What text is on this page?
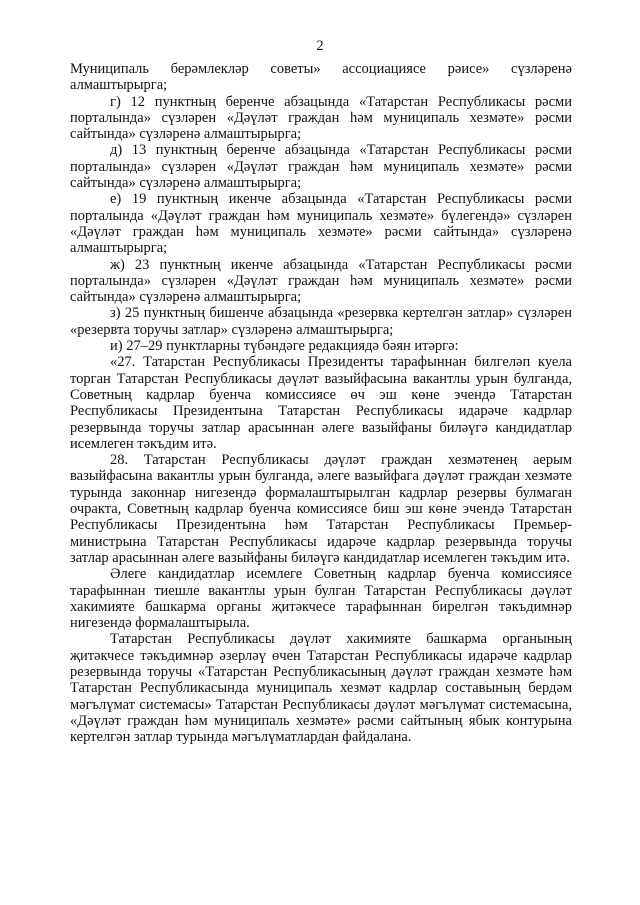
2

Муниципаль берәмлекләр советы» ассоциациясе рәисе» сүзләренә алмаштырырга;

г) 12 пунктның беренче абзацында «Татарстан Республикасы рәсми порталында» сүзләрен «Дәүләт граждан һәм муниципаль хезмәте» рәсми сайтында» сүзләренә алмаштырырга;

д) 13 пунктның беренче абзацында «Татарстан Республикасы рәсми порталында» сүзләрен «Дәүләт граждан һәм муниципаль хезмәте» рәсми сайтында» сүзләренә алмаштырырга;

е) 19 пунктның икенче абзацында «Татарстан Республикасы рәсми порталында «Дәүләт граждан һәм муниципаль хезмәте» бүлегендә» сүзләрен «Дәүләт граждан һәм муниципаль хезмәте» рәсми сайтында» сүзләренә алмаштырырга;

ж) 23 пунктның икенче абзацында «Татарстан Республикасы рәсми порталында» сүзләрен «Дәүләт граждан һәм муниципаль хезмәте» рәсми сайтында» сүзләренә алмаштырырга;

з) 25 пунктның бишенче абзацында «резервка кертелгән затлар» сүзләрен «резервта торучы затлар» сүзләренә алмаштырырга;

и) 27–29 пунктларны түбәндәге редакциядә бәян итәргә:

«27. Татарстан Республикасы Президенты тарафыннан билгеләп куела торган Татарстан Республикасы дәүләт вазыйфасына вакантлы урын булганда, Советның кадрлар буенча комиссиясе өч эш көне эчендә Татарстан Республикасы Президентына Татарстан Республикасы идарәче кадрлар резервында торучы затлар арасыннан әлеге вазыйфаны биләүгә кандидатлар исемлеген тәкъдим итә.

28. Татарстан Республикасы дәүләт граждан хезмәтенең аерым вазыйфасына вакантлы урын булганда, әлеге вазыйфага дәүләт граждан хезмәте турында законнар нигезендә формалаштырылган кадрлар резервы булмаган очракта, Советның кадрлар буенча комиссиясе биш эш көне эчендә Татарстан Республикасы Президентына һәм Татарстан Республикасы Премьер-министрына Татарстан Республикасы идарәче кадрлар резервында торучы затлар арасыннан әлеге вазыйфаны биләүгә кандидатлар исемлеген тәкъдим итә.

Әлеге кандидатлар исемлеге Советның кадрлар буенча комиссиясе тарафыннан тиешле вакантлы урын булган Татарстан Республикасы дәүләт хакимияте башкарма органы җитәкчесе тарафыннан бирелгән тәкъдимнәр нигезендә формалаштырыла.

Татарстан Республикасы дәүләт хакимияте башкарма органының җитәкчесе тәкъдимнәр әзерләү өчен Татарстан Республикасы идарәче кадрлар резервында торучы «Татарстан Республикасының дәүләт граждан хезмәте һәм Татарстан Республикасында муниципаль хезмәт кадрлар составының бердәм мәгълүмат системасы» Татарстан Республикасы дәүләт мәгълүмат системасына, «Дәүләт граждан һәм муниципаль хезмәте» рәсми сайтының ябык контурына кертелгән затлар турында мәгълүматлардан файдалана.
